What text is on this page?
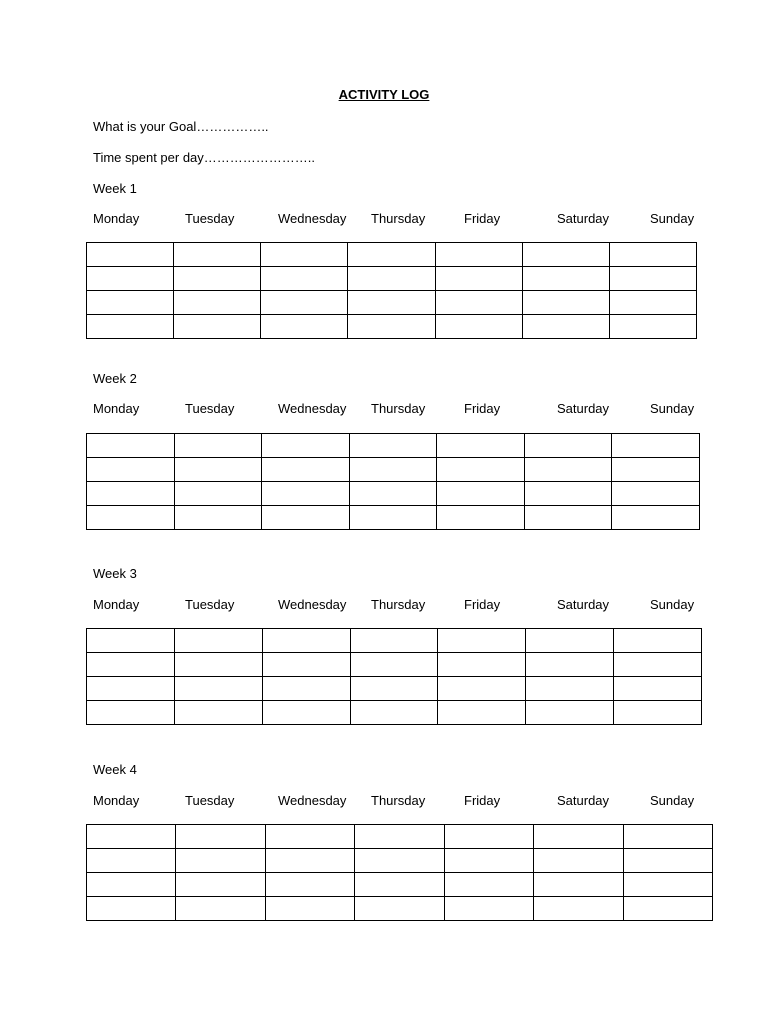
ACTIVITY LOG
What is your Goal……………..
Time spent per day……………………..
Week 1
Monday	Tuesday	Wednesday Thursday	Friday	Saturday	Sunday

Week 2
Monday	Tuesday	Wednesday Thursday	Friday	Saturday	Sunday

Week 3
Monday	Tuesday	Wednesday Thursday	Friday	Saturday	Sunday

Week 4
Monday	Tuesday	Wednesday Thursday	Friday	Saturday	Sunday
